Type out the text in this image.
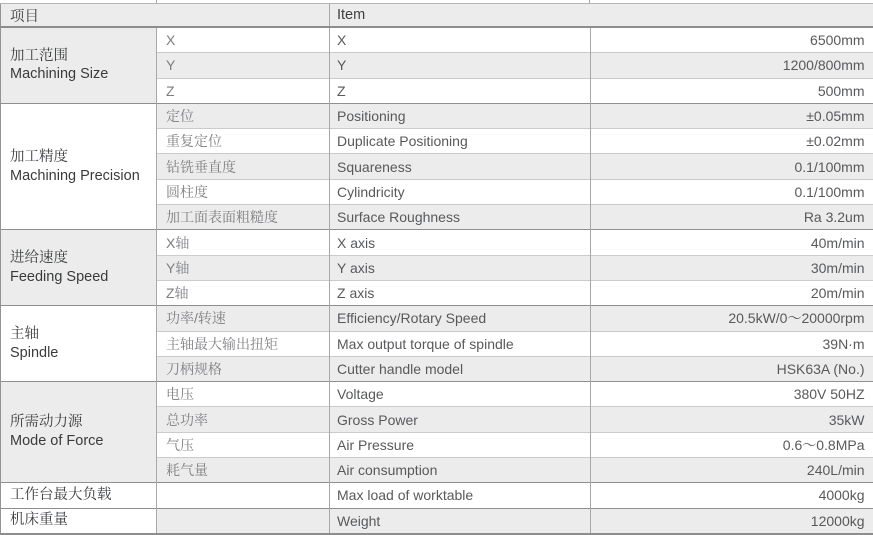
项目		Item	

加工范围
Machining Size	X	X	6500mm
	Y	Y	1200/800mm
	Z	Z	500mm

加工精度
Machining Precision	定位	Positioning	±0.05mm
	重复定位	Duplicate Positioning	±0.02mm
	钻铣垂直度	Squareness	0.1/100mm
	圆柱度	Cylindricity	0.1/100mm
	加工面表面粗糙度	Surface Roughness	Ra 3.2um

进给速度
Feeding Speed	X轴	X axis	40m/min
	Y轴	Y axis	30m/min
	Z轴	Z axis	20m/min

主轴
Spindle	功率/转速	Efficiency/Rotary Speed	20.5kW/0～20000rpm
	主轴最大输出扭矩	Max output torque of spindle	39N·m
	刀柄规格	Cutter handle model	HSK63A (No.)

所需动力源
Mode of Force	电压	Voltage	380V 50HZ
	总功率	Gross Power	35kW
	气压	Air Pressure	0.6～0.8MPa
	耗气量	Air consumption	240L/min
工作台最大负载		Max load of worktable	4000kg
机床重量		Weight	12000kg
